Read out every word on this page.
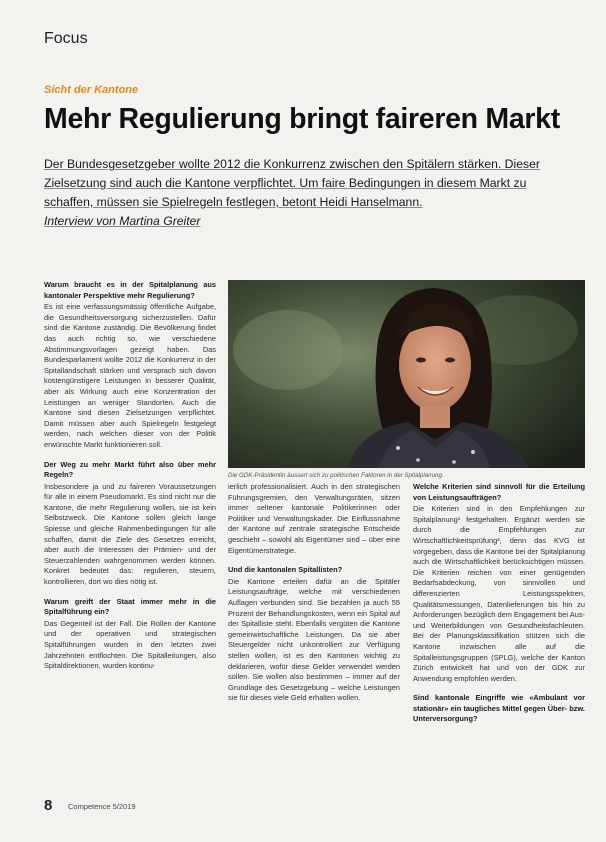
Focus
Sicht der Kantone
Mehr Regulierung bringt faireren Markt
Der Bundesgesetzgeber wollte 2012 die Konkurrenz zwischen den Spitälern stärken. Dieser Zielsetzung sind auch die Kantone verpflichtet. Um faire Bedingungen in diesem Markt zu schaffen, müssen sie Spielregeln festlegen, betont Heidi Hanselmann.
Interview von Martina Greiter

Warum braucht es in der Spitalplanung aus kantonaler Perspektive mehr Regulierung?

Es ist eine verfassungsmässig öffentliche Aufgabe, die Gesundheitsversorgung sicherzustellen. Dafür sind die Kantone zuständig. Die Bevölkerung findet das auch richtig so, wie verschiedene Abstimmungsvorlagen gezeigt haben. Das Bundesparlament wollte 2012 die Konkurrenz in der Spitallandschaft stärken und versprach sich davon kostengünstigere Leistungen in besserer Qualität, aber als Wirkung auch eine Konzentration der Leistungen an weniger Standorten. Auch die Kantone sind diesen Zielsetzungen verpflichtet. Damit müssen aber auch Spielregeln festgelegt werden, nach welchen dieser von der Politik erwünschte Markt funktionieren soll.

Der Weg zu mehr Markt führt also über mehr Regeln?

Insbesondere ja und zu faireren Voraussetzungen für alle in einem Pseudomarkt. Es sind nicht nur die Kantone, die mehr Regulierung wollen, sie ist kein Selbstzweck. Die Kantone sollen gleich lange Spiesse und gleiche Rahmenbedingungen für alle schaffen, damit die Ziele des Gesetzes erreicht, aber auch die Interessen der Prämien- und der Steuerzahlenden wahrgenommen werden können. Konkret bedeutet das: regulieren, steuern, kontrollieren, dort wo dies nötig ist.

Warum greift der Staat immer mehr in die Spitalführung ein?

Das Gegenteil ist der Fall. Die Rollen der Kantone und der operativen und strategischen Spitalführungen wurden in den letzten zwei Jahrzehnten entflochten. Die Spitalleitungen, also Spitaldirektionen, wurden kontinu-

Die GDK-Präsidentin äussert sich zu politischen Faktoren in der Spitalplanung.

ierlich professionalisiert. Auch in den strategischen Führungsgremien, den Verwaltungsräten, sitzen immer seltener kantonale Politikerinnen oder Politiker und Verwaltungskader. Die Einflussnahme der Kantone auf zentrale strategische Entscheide geschieht – sowohl als Eigentümer sind – über eine Eigentümerstrategie.

Und die kantonalen Spitallisten?

Die Kantone erteilen dafür an die Spitäler Leistungsaufträge, welche mit verschiedenen Auflagen verbunden sind. Sie bezahlen ja auch 55 Prozent der Behandlungskosten, wenn ein Spital auf der Spitalliste steht. Ebenfalls vergüten die Kantone gemeinwirtschaftliche Leistungen. Da sie aber Steuergelder nicht unkontrolliert zur Verfügung stellen wollen, ist es den Kantonen wichtig zu deklarieren, wofür diese Gelder verwendet werden sollen. Sie wollen also bestimmen – immer auf der Grundlage des Gesetzgebung – welche Leistungen sie für dieses viele Geld erhalten wollen.

Welche Kriterien sind sinnvoll für die Erteilung von Leistungsaufträgen?

Die Kriterien sind in den Empfehlungen zur Spitalplanung¹ festgehalten. Ergänzt werden sie durch die Empfehlungen zur Wirtschaftlichkeitsprüfung², denn das KVG ist vorgegeben, dass die Kantone bei der Spitalplanung auch die Wirtschaftlichkeit berücksichtigen müssen. Die Kriterien reichen von einer genügenden Bedarfsabdeckung, von sinnvollen und differenzierten Leistungsspektren, Qualitätsmessungen, Datenlieferungen bis hin zu Anforderungen bezüglich dem Engagement bei Aus- und Weiterbildungen von Gesundheitsfachleuten. Bei der Planungsklassifikation stützen sich die Kantone inzwischen alle auf die Spitalleistungsgruppen (SPLG), welche der Kanton Zürich entwickelt hat und von der GDK zur Anwendung empfohlen werden.

Sind kantonale Eingriffe wie «Ambulant vor stationär» ein taugliches Mittel gegen Über- bzw. Unterversorgung?

8 Competence 5/2019
